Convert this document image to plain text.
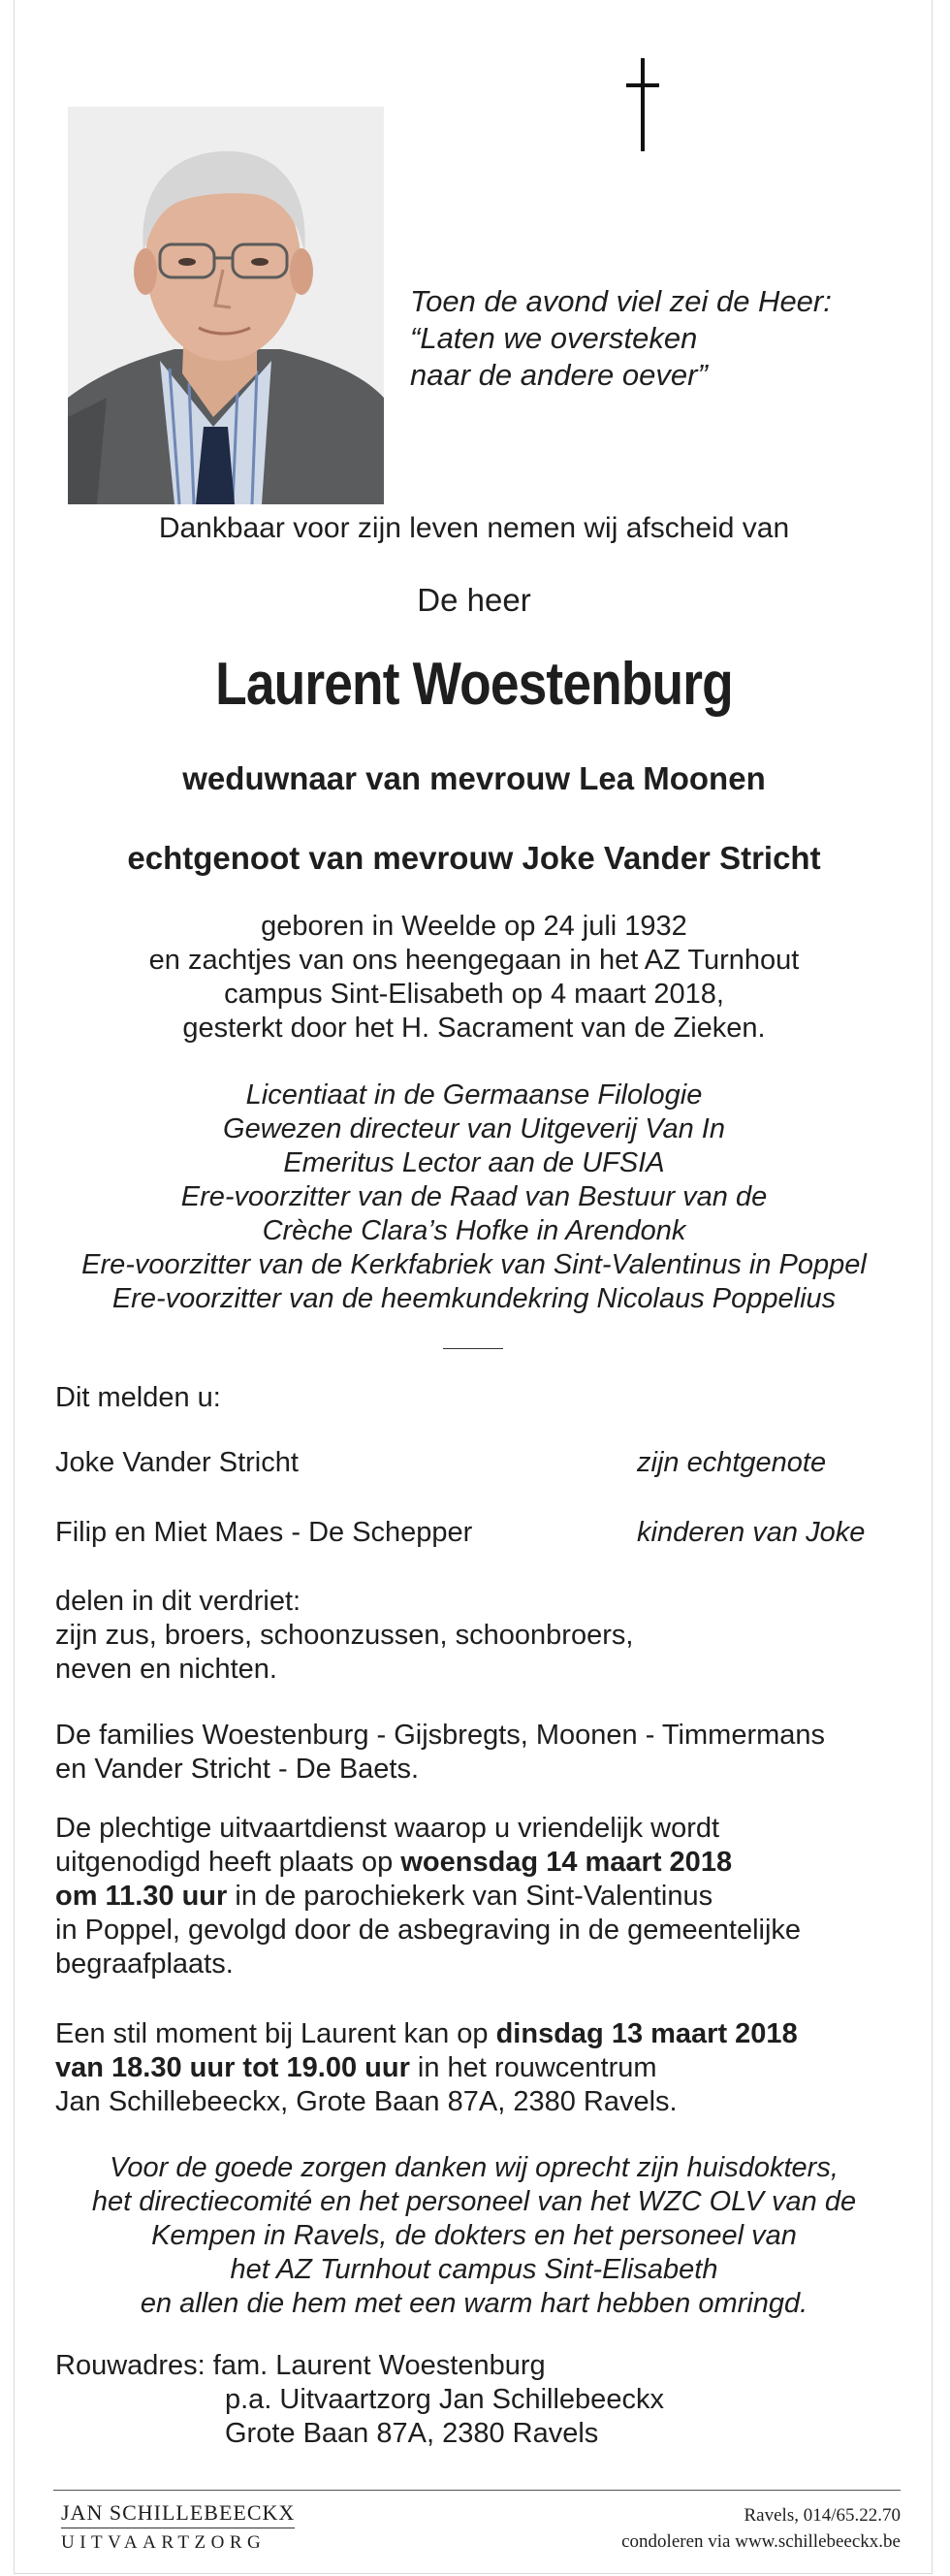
Toen de avond viel zei de Heer:
“Laten we oversteken
naar de andere oever”
Dankbaar voor zijn leven nemen wij afscheid van
De heer
Laurent Woestenburg
weduwnaar van mevrouw Lea Moonen
echtgenoot van mevrouw Joke Vander Stricht
geboren in Weelde op 24 juli 1932
en zachtjes van ons heengegaan in het AZ Turnhout
campus Sint-Elisabeth op 4 maart 2018,
gesterkt door het H. Sacrament van de Zieken.
Licentiaat in de Germaanse Filologie
Gewezen directeur van Uitgeverij Van In
Emeritus Lector aan de UFSIA
Ere-voorzitter van de Raad van Bestuur van de
Crèche Clara’s Hofke in Arendonk
Ere-voorzitter van de Kerkfabriek van Sint-Valentinus in Poppel
Ere-voorzitter van de heemkundekring Nicolaus Poppelius
Dit melden u:
Joke Vander Stricht	zijn echtgenote
Filip en Miet Maes - De Schepper	kinderen van Joke
delen in dit verdriet:
zijn zus, broers, schoonzussen, schoonbroers,
neven en nichten.
De families Woestenburg - Gijsbregts, Moonen - Timmermans
en Vander Stricht - De Baets.
De plechtige uitvaartdienst waarop u vriendelijk wordt
uitgenodigd heeft plaats op woensdag 14 maart 2018
om 11.30 uur in de parochiekerk van Sint-Valentinus
in Poppel, gevolgd door de asbegraving in de gemeentelijke
begraafplaats.
Een stil moment bij Laurent kan op dinsdag 13 maart 2018
van 18.30 uur tot 19.00 uur in het rouwcentrum
Jan Schillebeeckx, Grote Baan 87A, 2380 Ravels.
Voor de goede zorgen danken wij oprecht zijn huisdokters,
het directiecomité en het personeel van het WZC OLV van de
Kempen in Ravels, de dokters en het personeel van
het AZ Turnhout campus Sint-Elisabeth
en allen die hem met een warm hart hebben omringd.
Rouwadres: fam. Laurent Woestenburg
p.a. Uitvaartzorg Jan Schillebeeckx
Grote Baan 87A, 2380 Ravels
JAN SCHILLEBEECKX
UITVAARTZORG
Ravels, 014/65.22.70
condoleren via www.schillebeeckx.be
